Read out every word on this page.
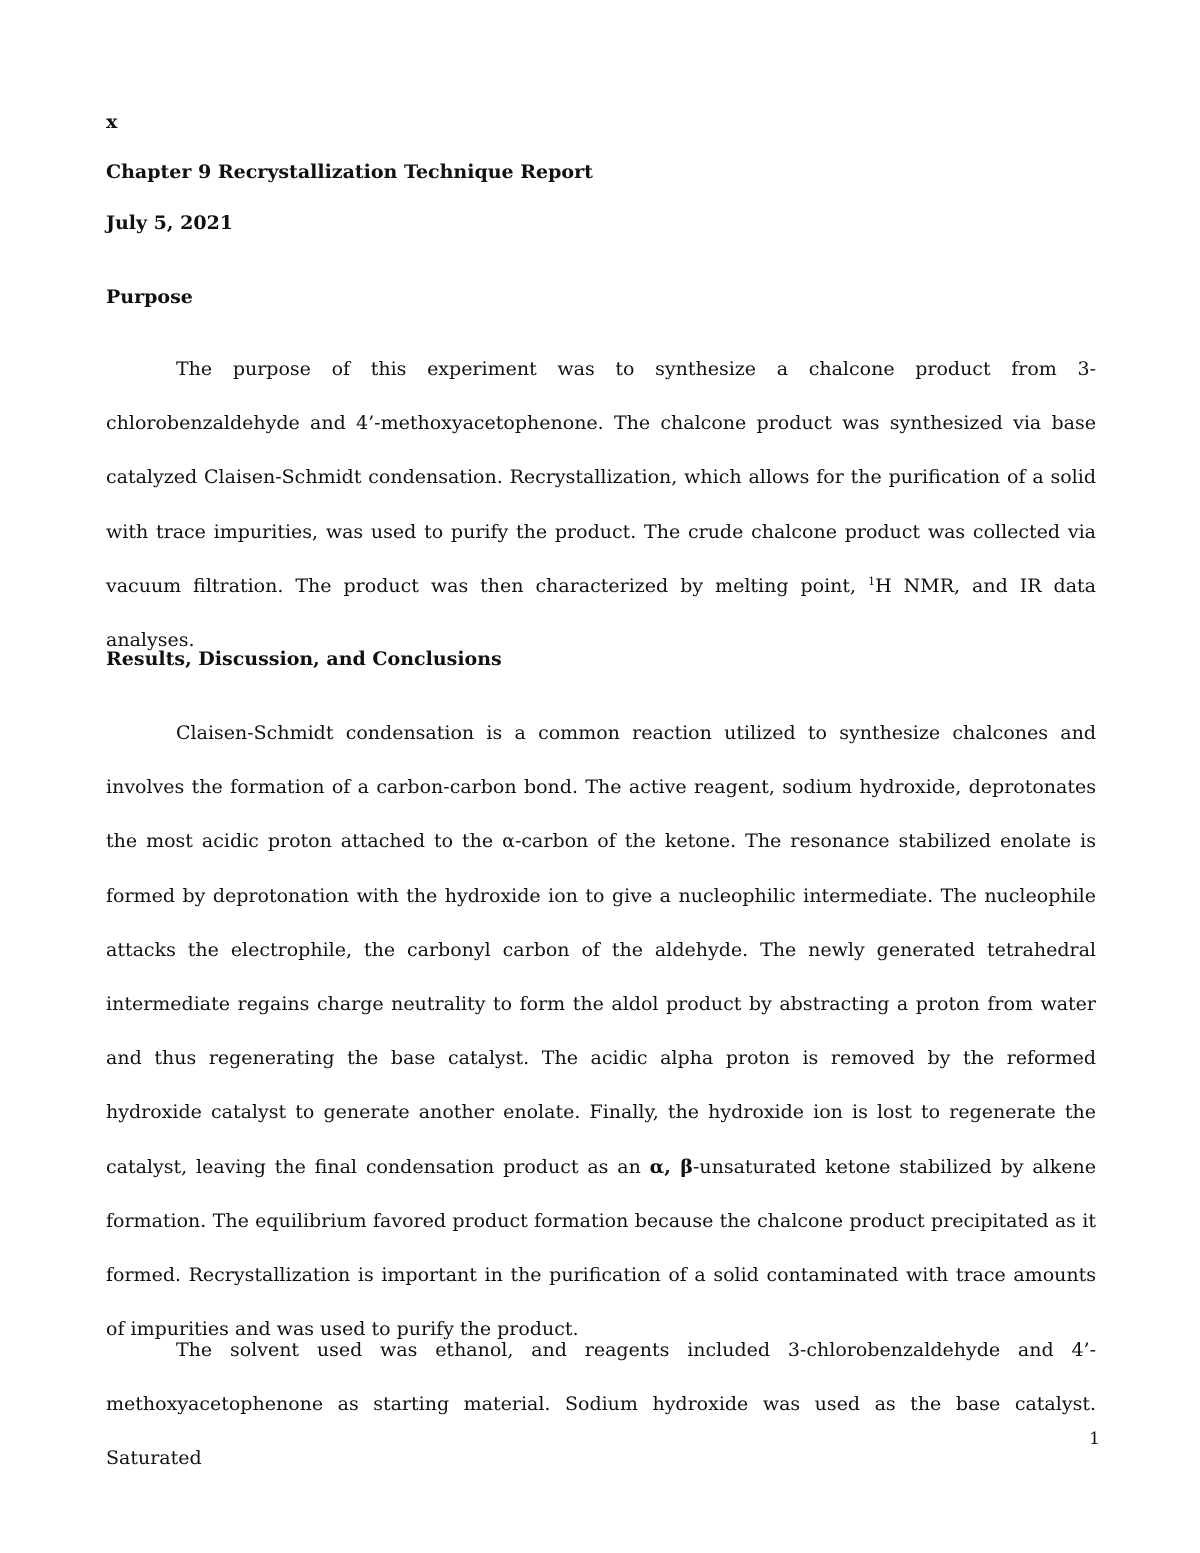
x
Chapter 9 Recrystallization Technique Report
July 5, 2021
Purpose

The purpose of this experiment was to synthesize a chalcone product from 3-chlorobenzaldehyde and 4’-methoxyacetophenone. The chalcone product was synthesized via base catalyzed Claisen-Schmidt condensation. Recrystallization, which allows for the purification of a solid with trace impurities, was used to purify the product. The crude chalcone product was collected via vacuum filtration. The product was then characterized by melting point, $^1$H NMR, and IR data analyses.

Results, Discussion, and Conclusions

Claisen-Schmidt condensation is a common reaction utilized to synthesize chalcones and involves the formation of a carbon-carbon bond. The active reagent, sodium hydroxide, deprotonates the most acidic proton attached to the α-carbon of the ketone. The resonance stabilized enolate is formed by deprotonation with the hydroxide ion to give a nucleophilic intermediate. The nucleophile attacks the electrophile, the carbonyl carbon of the aldehyde. The newly generated tetrahedral intermediate regains charge neutrality to form the aldol product by abstracting a proton from water and thus regenerating the base catalyst. The acidic alpha proton is removed by the reformed hydroxide catalyst to generate another enolate. Finally, the hydroxide ion is lost to regenerate the catalyst, leaving the final condensation product as an α, β-unsaturated ketone stabilized by alkene formation. The equilibrium favored product formation because the chalcone product precipitated as it formed. Recrystallization is important in the purification of a solid contaminated with trace amounts of impurities and was used to purify the product.

The solvent used was ethanol, and reagents included 3-chlorobenzaldehyde and 4’-methoxyacetophenone as starting material. Sodium hydroxide was used as the base catalyst. Saturated

1
